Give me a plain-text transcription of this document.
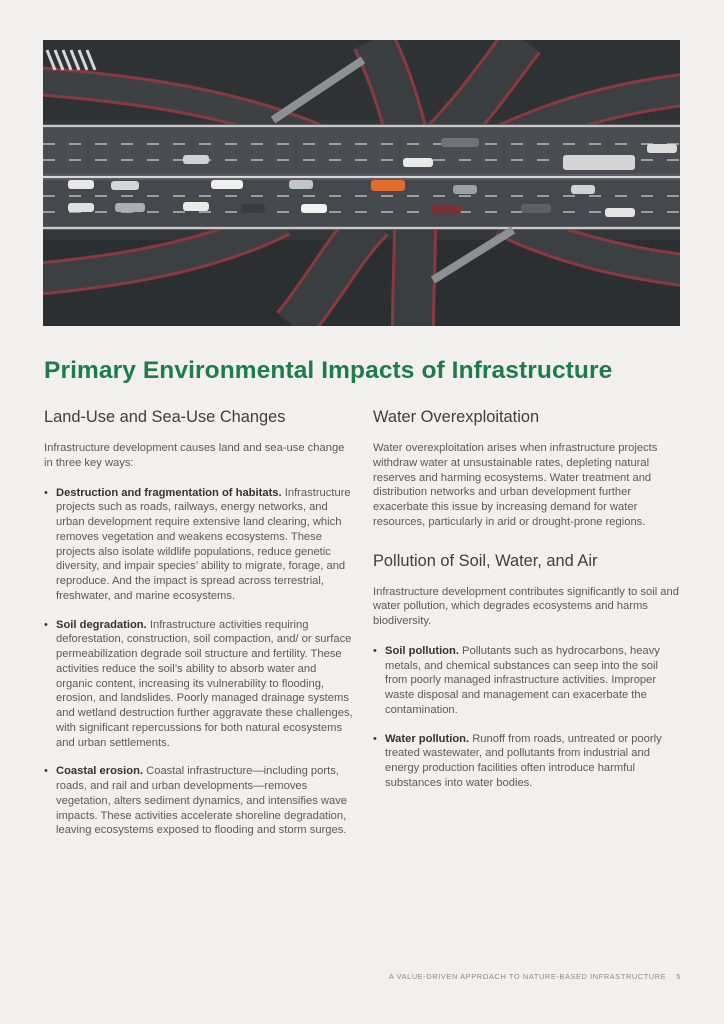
Primary Environmental Impacts of Infrastructure
Land-Use and Sea-Use Changes

Infrastructure development causes land and sea-use change in three key ways:

• Destruction and fragmentation of habitats. Infrastructure projects such as roads, railways, energy networks, and urban development require extensive land clearing, which removes vegetation and weakens ecosystems. These projects also isolate wildlife populations, reduce genetic diversity, and impair species’ ability to migrate, forage, and reproduce. And the impact is spread across terrestrial, freshwater, and marine ecosystems.
• Soil degradation. Infrastructure activities requiring deforestation, construction, soil compaction, and/ or surface permeabilization degrade soil structure and fertility. These activities reduce the soil’s ability to absorb water and organic content, increasing its vulnerability to flooding, erosion, and landslides. Poorly managed drainage systems and wetland destruction further aggravate these challenges, with significant repercussions for both natural ecosystems and urban settlements.
• Coastal erosion. Coastal infrastructure—including ports, roads, and rail and urban developments—removes vegetation, alters sediment dynamics, and intensifies wave impacts. These activities accelerate shoreline degradation, leaving ecosystems exposed to flooding and storm surges.
Water Overexploitation

Water overexploitation arises when infrastructure projects withdraw water at unsustainable rates, depleting natural reserves and harming ecosystems. Water treatment and distribution networks and urban development further exacerbate this issue by increasing demand for water resources, particularly in arid or drought-prone regions.

Pollution of Soil, Water, and Air

Infrastructure development contributes significantly to soil and water pollution, which degrades ecosystems and harms biodiversity.

• Soil pollution. Pollutants such as hydrocarbons, heavy metals, and chemical substances can seep into the soil from poorly managed infrastructure activities. Improper waste disposal and management can exacerbate the contamination.
• Water pollution. Runoff from roads, untreated or poorly treated wastewater, and pollutants from industrial and energy production facilities often introduce harmful substances into water bodies.
A VALUE-DRIVEN APPROACH TO NATURE-BASED INFRASTRUCTURE 5
